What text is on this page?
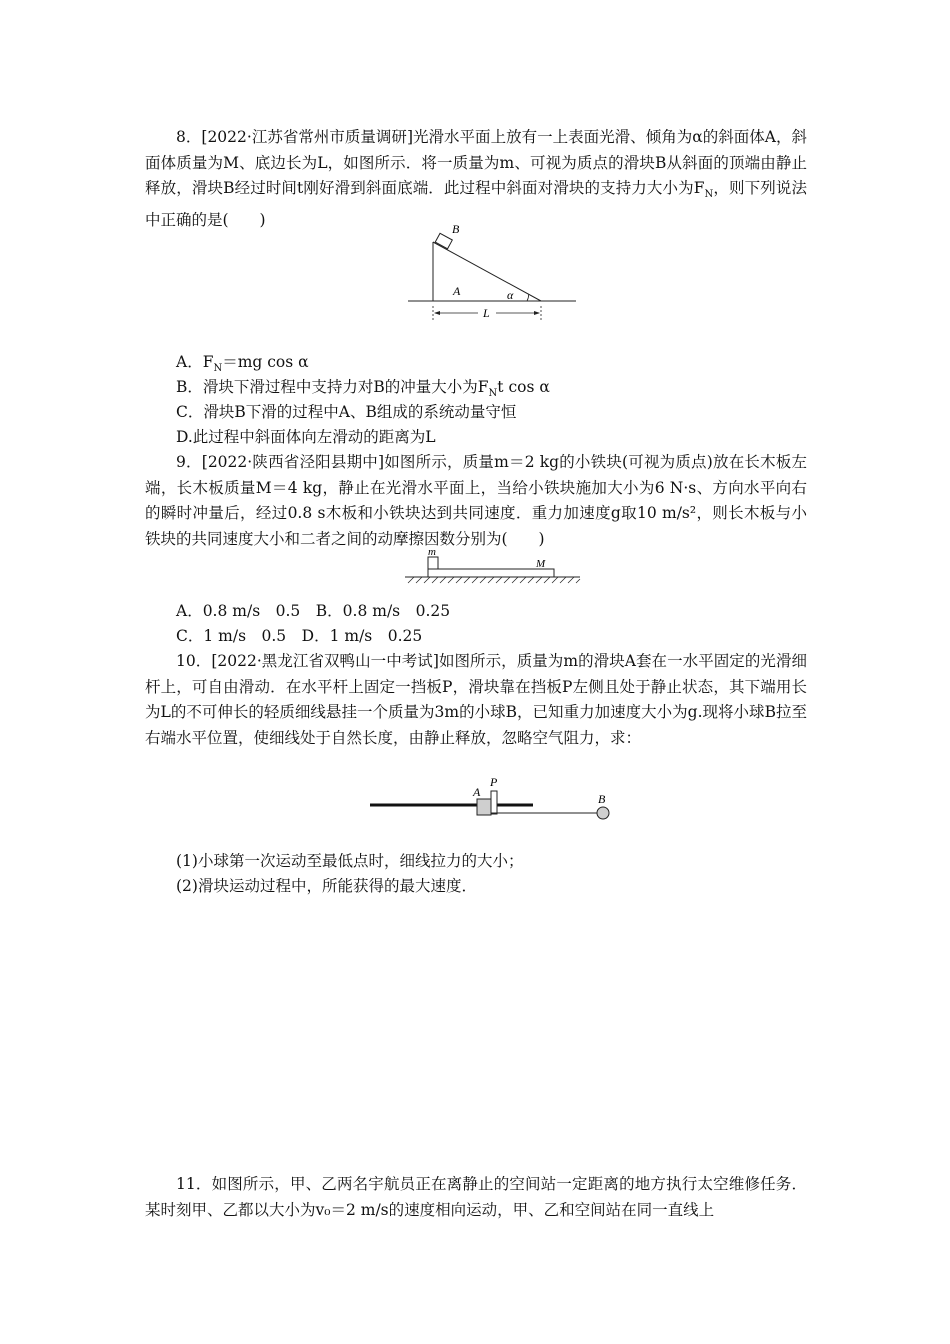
8．[2022·江苏省常州市质量调研]光滑水平面上放有一上表面光滑、倾角为α的斜面体A，斜面体质量为M、底边长为L，如图所示．将一质量为m、可视为质点的滑块B从斜面的顶端由静止释放，滑块B经过时间t刚好滑到斜面底端．此过程中斜面对滑块的支持力大小为$F_N$，则下列说法中正确的是(　　)

B
A	α
L

A．$F_N=mg$ cos α

B．滑块下滑过程中支持力对B的冲量大小为$F_Nt$ cos α

C．滑块B下滑的过程中A、B组成的系统动量守恒

D.此过程中斜面体向左滑动的距离为L

9．[2022·陕西省泾阳县期中]如图所示，质量m＝2 kg的小铁块(可视为质点)放在长木板左端，长木板质量M＝4 kg，静止在光滑水平面上，当给小铁块施加大小为6 N·s、方向水平向右的瞬时冲量后，经过0.8 s木板和小铁块达到共同速度．重力加速度g取10 m/s²，则长木板与小铁块的共同速度大小和二者之间的动摩擦因数分别为(　　)

m
M

A．0.8 m/s　0.5　B．0.8 m/s　0.25

C．1 m/s　0.5　D．1 m/s　0.25

10．[2022·黑龙江省双鸭山一中考试]如图所示，质量为m的滑块A套在一水平固定的光滑细杆上，可自由滑动．在水平杆上固定一挡板P，滑块靠在挡板P左侧且处于静止状态，其下端用长为L的不可伸长的轻质细线悬挂一个质量为3m的小球B，已知重力加速度大小为g.现将小球B拉至右端水平位置，使细线处于自然长度，由静止释放，忽略空气阻力，求：

A
P
B

(1)小球第一次运动至最低点时，细线拉力的大小；

(2)滑块运动过程中，所能获得的最大速度．

11．如图所示，甲、乙两名宇航员正在离静止的空间站一定距离的地方执行太空维修任务．某时刻甲、乙都以大小为v₀＝2 m/s的速度相向运动，甲、乙和空间站在同一直线上
